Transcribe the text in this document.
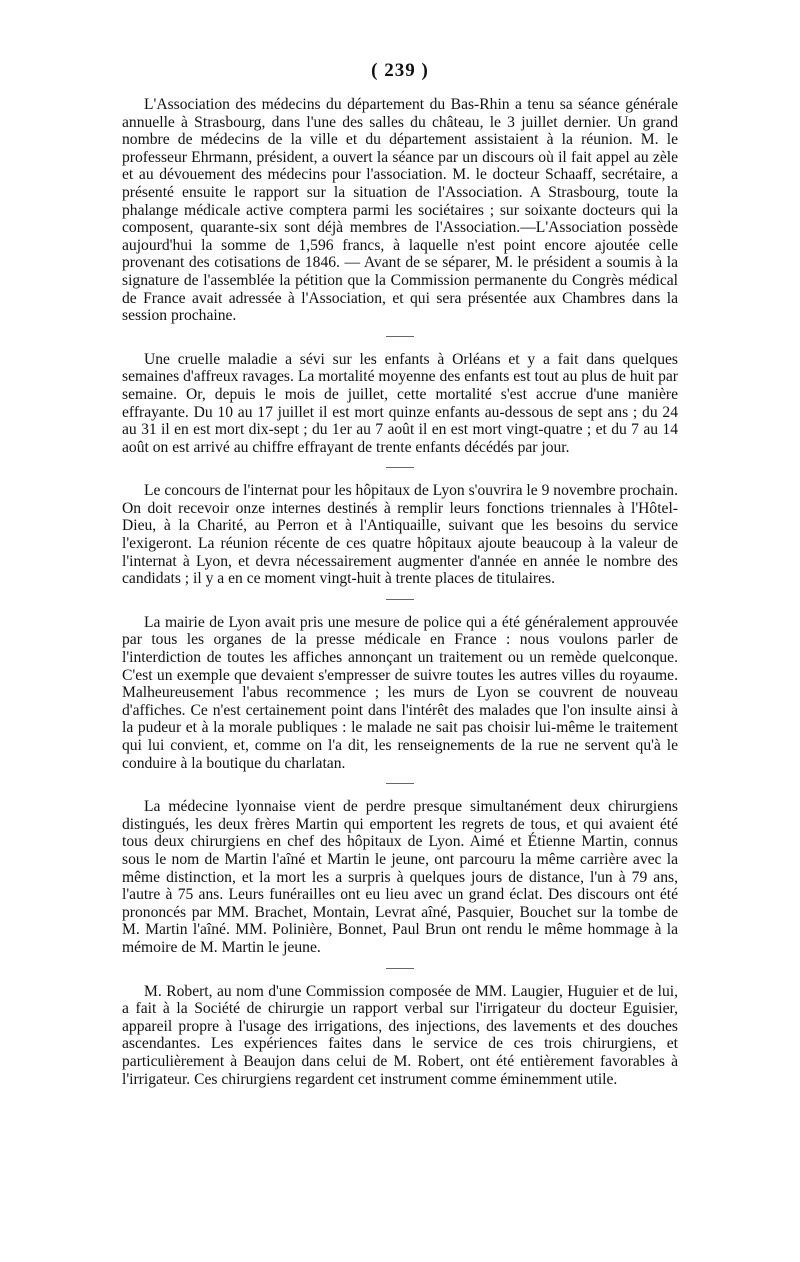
( 239 )

L'Association des médecins du département du Bas-Rhin a tenu sa séance générale annuelle à Strasbourg, dans l'une des salles du château, le 3 juillet dernier. Un grand nombre de médecins de la ville et du département assistaient à la réunion. M. le professeur Ehrmann, président, a ouvert la séance par un discours où il fait appel au zèle et au dévouement des médecins pour l'association. M. le docteur Schaaff, secrétaire, a présenté ensuite le rapport sur la situation de l'Association. A Strasbourg, toute la phalange médicale active comptera parmi les sociétaires ; sur soixante docteurs qui la composent, quarante-six sont déjà membres de l'Association.—L'Association possède aujourd'hui la somme de 1,596 francs, à laquelle n'est point encore ajoutée celle provenant des cotisations de 1846. — Avant de se séparer, M. le président a soumis à la signature de l'assemblée la pétition que la Commission permanente du Congrès médical de France avait adressée à l'Association, et qui sera présentée aux Chambres dans la session prochaine.

Une cruelle maladie a sévi sur les enfants à Orléans et y a fait dans quelques semaines d'affreux ravages. La mortalité moyenne des enfants est tout au plus de huit par semaine. Or, depuis le mois de juillet, cette mortalité s'est accrue d'une manière effrayante. Du 10 au 17 juillet il est mort quinze enfants au-dessous de sept ans ; du 24 au 31 il en est mort dix-sept ; du 1er au 7 août il en est mort vingt-quatre ; et du 7 au 14 août on est arrivé au chiffre effrayant de trente enfants décédés par jour.

Le concours de l'internat pour les hôpitaux de Lyon s'ouvrira le 9 novembre prochain. On doit recevoir onze internes destinés à remplir leurs fonctions triennales à l'Hôtel-Dieu, à la Charité, au Perron et à l'Antiquaille, suivant que les besoins du service l'exigeront. La réunion récente de ces quatre hôpitaux ajoute beaucoup à la valeur de l'internat à Lyon, et devra nécessairement augmenter d'année en année le nombre des candidats ; il y a en ce moment vingt-huit à trente places de titulaires.

La mairie de Lyon avait pris une mesure de police qui a été généralement approuvée par tous les organes de la presse médicale en France : nous voulons parler de l'interdiction de toutes les affiches annonçant un traitement ou un remède quelconque. C'est un exemple que devaient s'empresser de suivre toutes les autres villes du royaume. Malheureusement l'abus recommence ; les murs de Lyon se couvrent de nouveau d'affiches. Ce n'est certainement point dans l'intérêt des malades que l'on insulte ainsi à la pudeur et à la morale publiques : le malade ne sait pas choisir lui-même le traitement qui lui convient, et, comme on l'a dit, les renseignements de la rue ne servent qu'à le conduire à la boutique du charlatan.

La médecine lyonnaise vient de perdre presque simultanément deux chirurgiens distingués, les deux frères Martin qui emportent les regrets de tous, et qui avaient été tous deux chirurgiens en chef des hôpitaux de Lyon. Aimé et Étienne Martin, connus sous le nom de Martin l'aîné et Martin le jeune, ont parcouru la même carrière avec la même distinction, et la mort les a surpris à quelques jours de distance, l'un à 79 ans, l'autre à 75 ans. Leurs funérailles ont eu lieu avec un grand éclat. Des discours ont été prononcés par MM. Brachet, Montain, Levrat aîné, Pasquier, Bouchet sur la tombe de M. Martin l'aîné. MM. Polinière, Bonnet, Paul Brun ont rendu le même hommage à la mémoire de M. Martin le jeune.

M. Robert, au nom d'une Commission composée de MM. Laugier, Huguier et de lui, a fait à la Société de chirurgie un rapport verbal sur l'irrigateur du docteur Eguisier, appareil propre à l'usage des irrigations, des injections, des lavements et des douches ascendantes. Les expériences faites dans le service de ces trois chirurgiens, et particulièrement à Beaujon dans celui de M. Robert, ont été entièrement favorables à l'irrigateur. Ces chirurgiens regardent cet instrument comme éminemment utile.
